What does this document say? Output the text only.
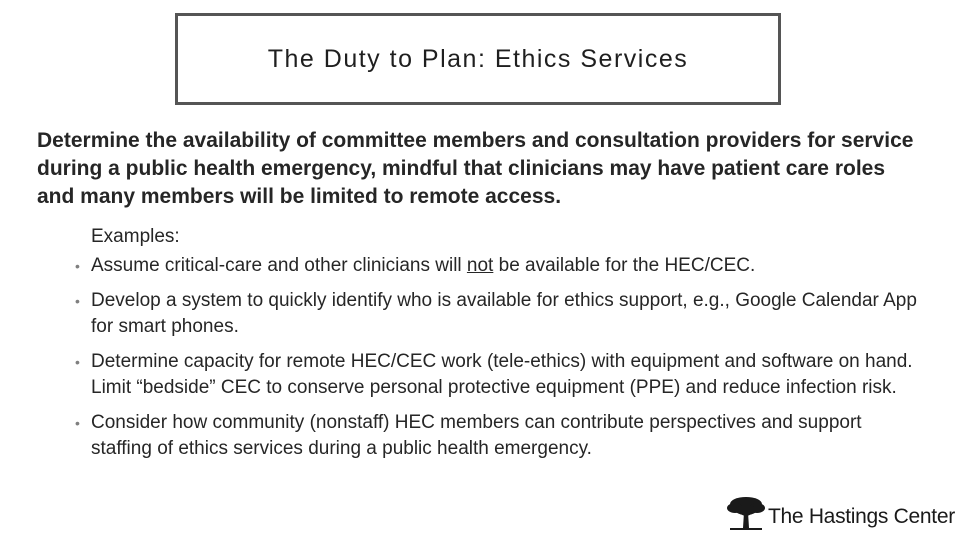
The Duty to Plan: Ethics Services

Determine the availability of committee members and consultation providers for service during a public health emergency, mindful that clinicians may have patient care roles and many members will be limited to remote access.

Examples:
• Assume critical-care and other clinicians will not be available for the HEC/CEC.
• Develop a system to quickly identify who is available for ethics support, e.g., Google Calendar App for smart phones.
• Determine capacity for remote HEC/CEC work (tele-ethics) with equipment and software on hand. Limit “bedside” CEC to conserve personal protective equipment (PPE) and reduce infection risk.
• Consider how community (nonstaff) HEC members can contribute perspectives and support staffing of ethics services during a public health emergency.
The Hastings Center
